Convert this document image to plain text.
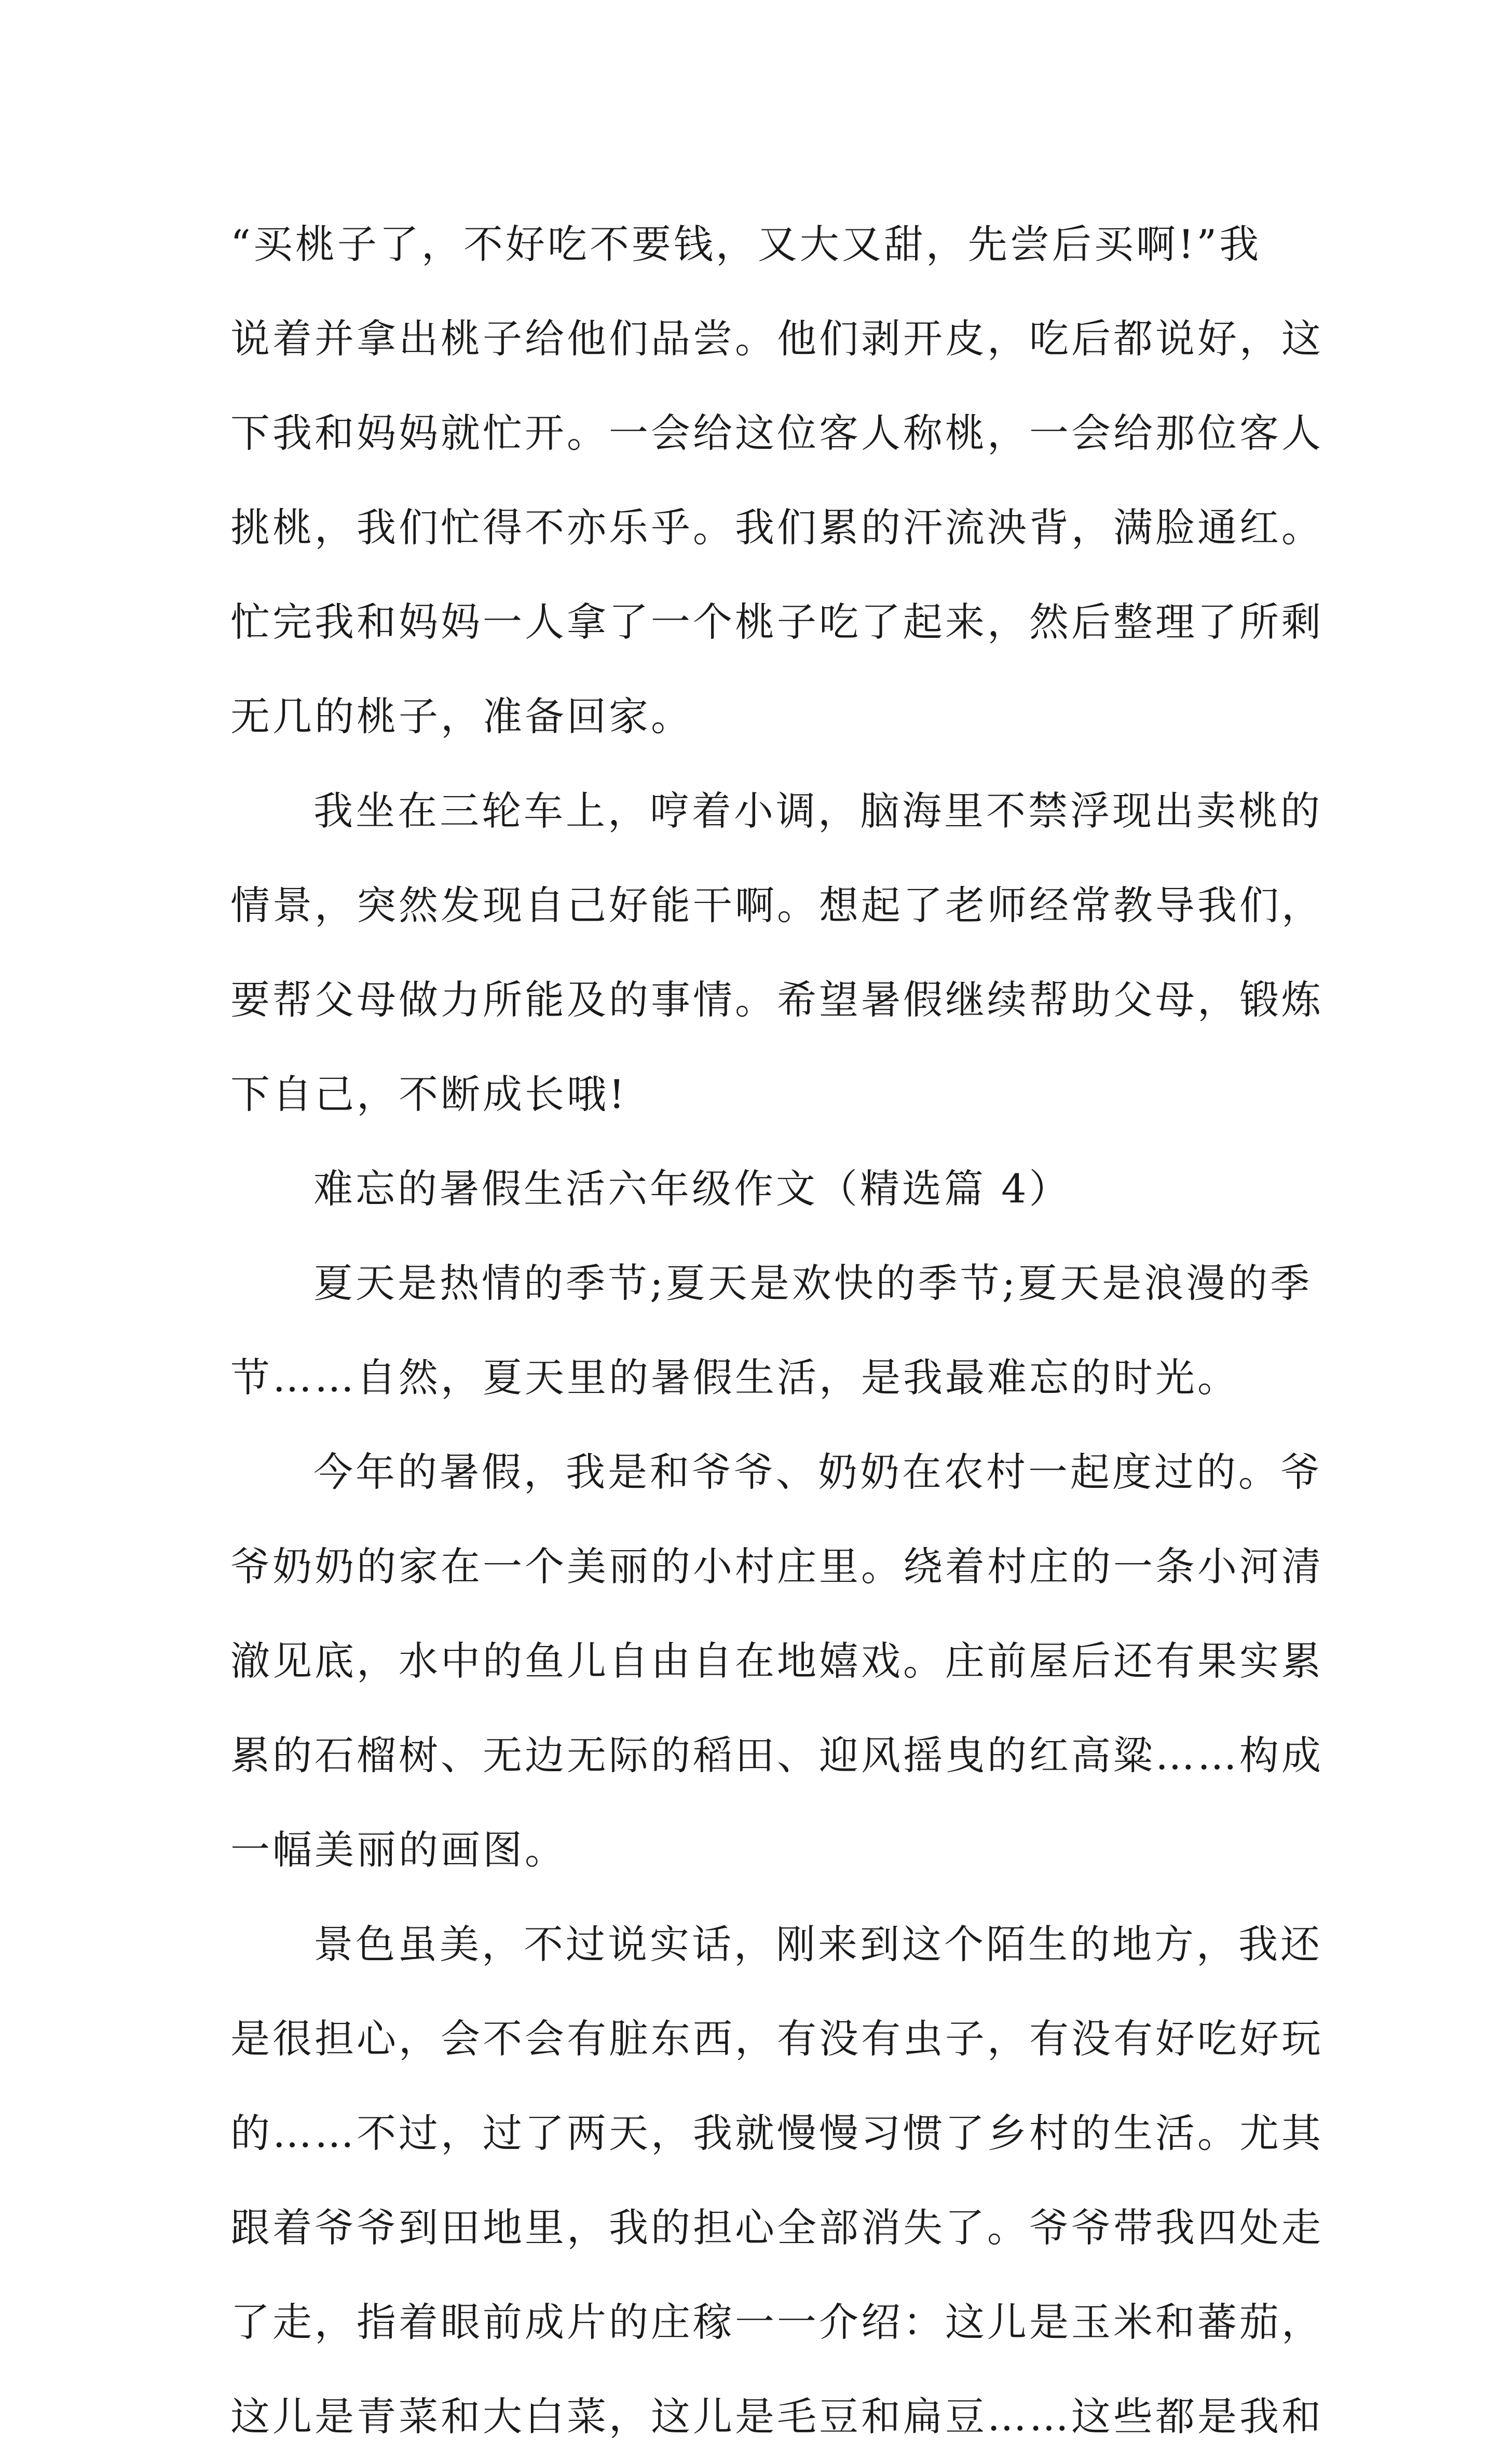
“买桃子了，不好吃不要钱，又大又甜，先尝后买啊!”我
说着并拿出桃子给他们品尝。他们剥开皮，吃后都说好，这
下我和妈妈就忙开。一会给这位客人称桃，一会给那位客人
挑桃，我们忙得不亦乐乎。我们累的汗流泱背，满脸通红。
忙完我和妈妈一人拿了一个桃子吃了起来，然后整理了所剩
无几的桃子，准备回家。
我坐在三轮车上，哼着小调，脑海里不禁浮现出卖桃的
情景，突然发现自己好能干啊。想起了老师经常教导我们，
要帮父母做力所能及的事情。希望暑假继续帮助父母，锻炼
下自己，不断成长哦!
难忘的暑假生活六年级作文（精选篇 4）
夏天是热情的季节;夏天是欢快的季节;夏天是浪漫的季
节……自然，夏天里的暑假生活，是我最难忘的时光。
今年的暑假，我是和爷爷、奶奶在农村一起度过的。爷
爷奶奶的家在一个美丽的小村庄里。绕着村庄的一条小河清
澈见底，水中的鱼儿自由自在地嬉戏。庄前屋后还有果实累
累的石榴树、无边无际的稻田、迎风摇曳的红高粱……构成
一幅美丽的画图。
景色虽美，不过说实话，刚来到这个陌生的地方，我还
是很担心，会不会有脏东西，有没有虫子，有没有好吃好玩
的……不过，过了两天，我就慢慢习惯了乡村的生活。尤其
跟着爷爷到田地里，我的担心全部消失了。爷爷带我四处走
了走，指着眼前成片的庄稼一一介绍：这儿是玉米和蕃茄，
这儿是青菜和大白菜，这儿是毛豆和扁豆……这些都是我和
